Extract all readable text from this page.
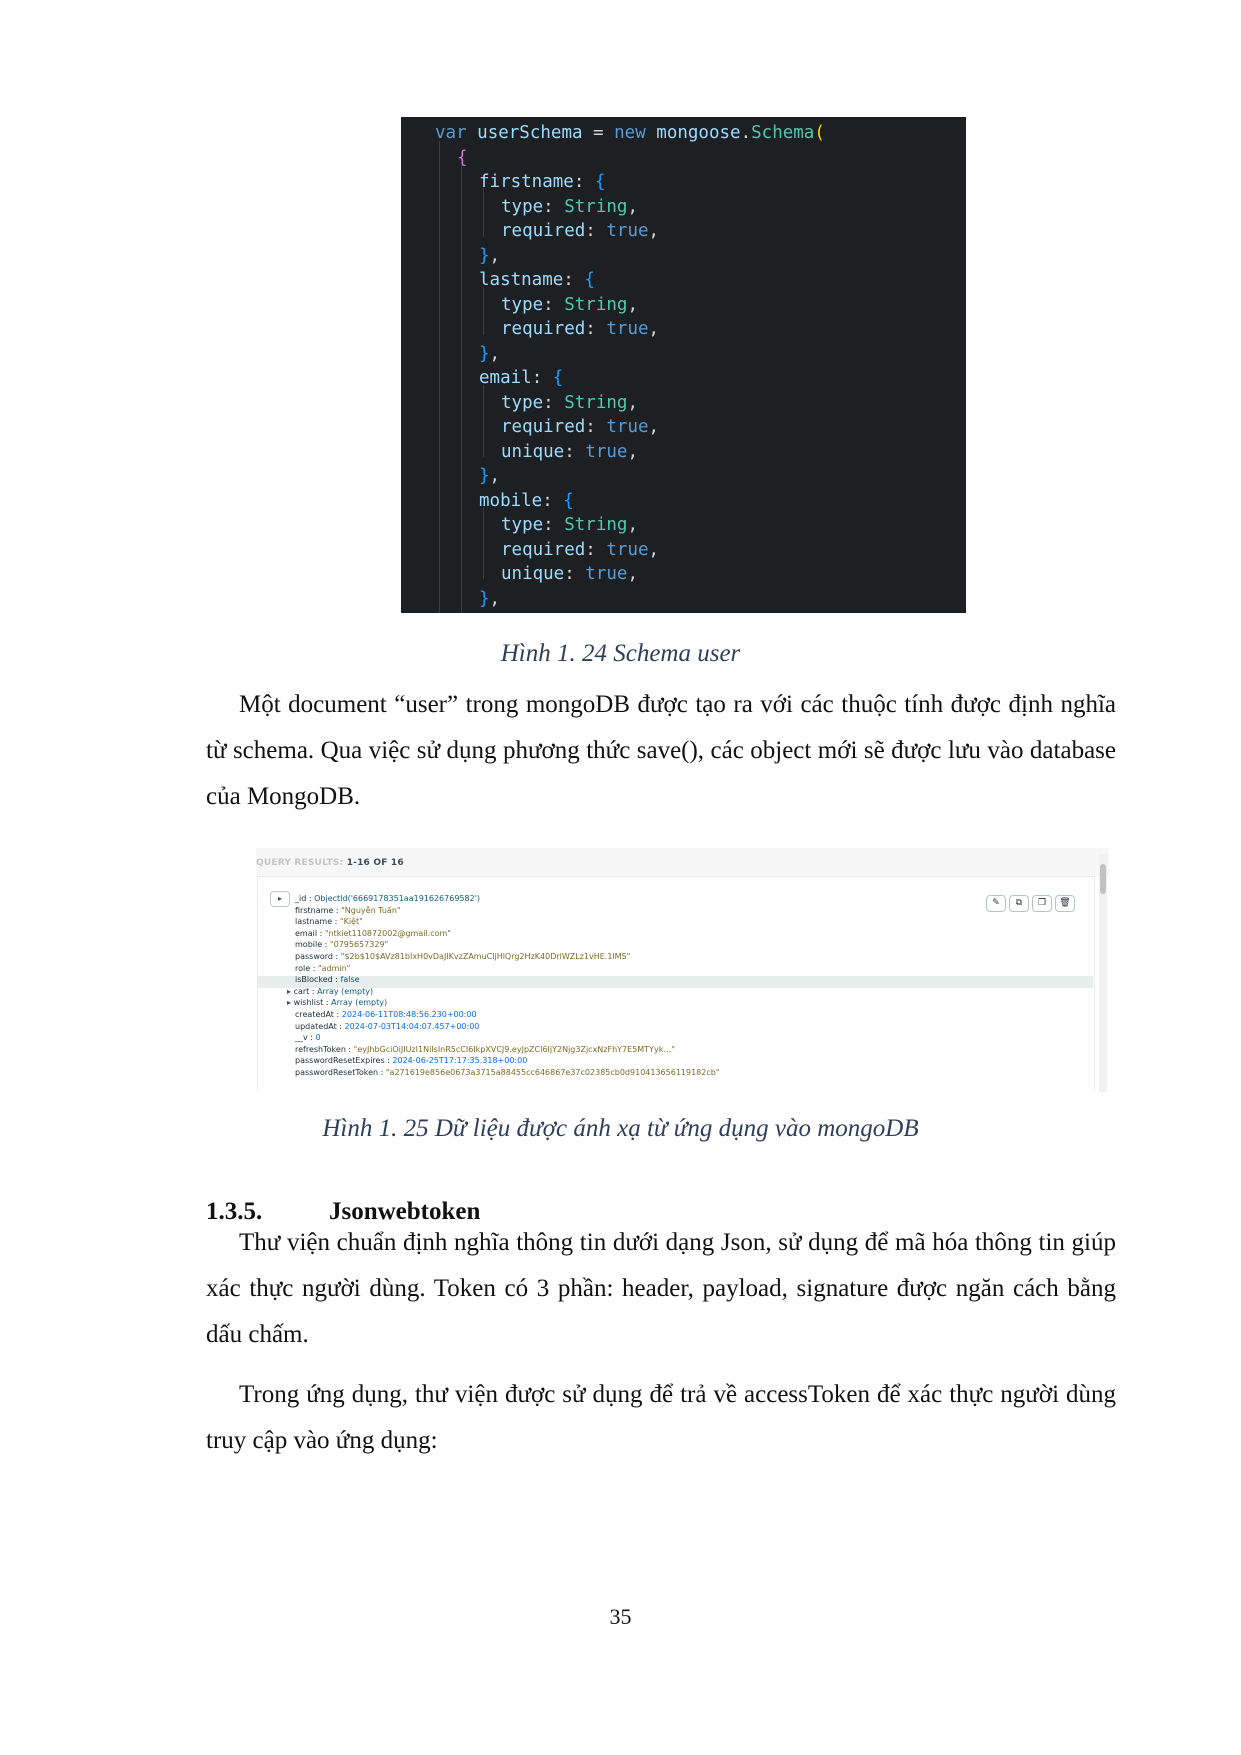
var userSchema = new mongoose.Schema(
{
firstname: {
type: String,
required: true,
},
lastname: {
type: String,
required: true,
},
email: {
type: String,
required: true,
unique: true,
},
mobile: {
type: String,
required: true,
unique: true,
},
Hình 1. 24 Schema user
Một document “user” trong mongoDB được tạo ra với các thuộc tính được định nghĩa từ schema. Qua việc sử dụng phương thức save(), các object mới sẽ được lưu vào database của MongoDB.
QUERY RESULTS: 1-16 OF 16
▸	✎ ⧉ ❐ 🗑
_id : ObjectId('6669178351aa191626769582')
firstname : "Nguyễn Tuấn"
lastname : "Kiệt"
email : "ntkiet110872002@gmail.com"
mobile : "0795657329"
password : "$2b$10$AVz81bIxH0vDaJIKvzZAmuCljHlQrg2HzK40DrlWZLz1vHE.1lMS"
role : "admin"
isBlocked : false
▸ cart : Array (empty)
▸ wishlist : Array (empty)
createdAt : 2024-06-11T08:48:56.230+00:00
updatedAt : 2024-07-03T14:04:07.457+00:00
__v : 0
refreshToken : "eyJhbGciOiJIUzI1NiIsInR5cCI6IkpXVCJ9.eyJpZCI6IjY2Njg3ZjcxNzFhY7E5MTYyk…"
passwordResetExpires : 2024-06-25T17:17:35.318+00:00
passwordResetToken : "a271619e856e0673a3715a88455cc646867e37c02385cb0d910413656119182cb"
Hình 1. 25 Dữ liệu được ánh xạ từ ứng dụng vào mongoDB
1.3.5.	Jsonwebtoken
Thư viện chuẩn định nghĩa thông tin dưới dạng Json, sử dụng để mã hóa thông tin giúp xác thực người dùng. Token có 3 phần: header, payload, signature được ngăn cách bằng dấu chấm.
Trong ứng dụng, thư viện được sử dụng để trả về accessToken để xác thực người dùng truy cập vào ứng dụng:
35
